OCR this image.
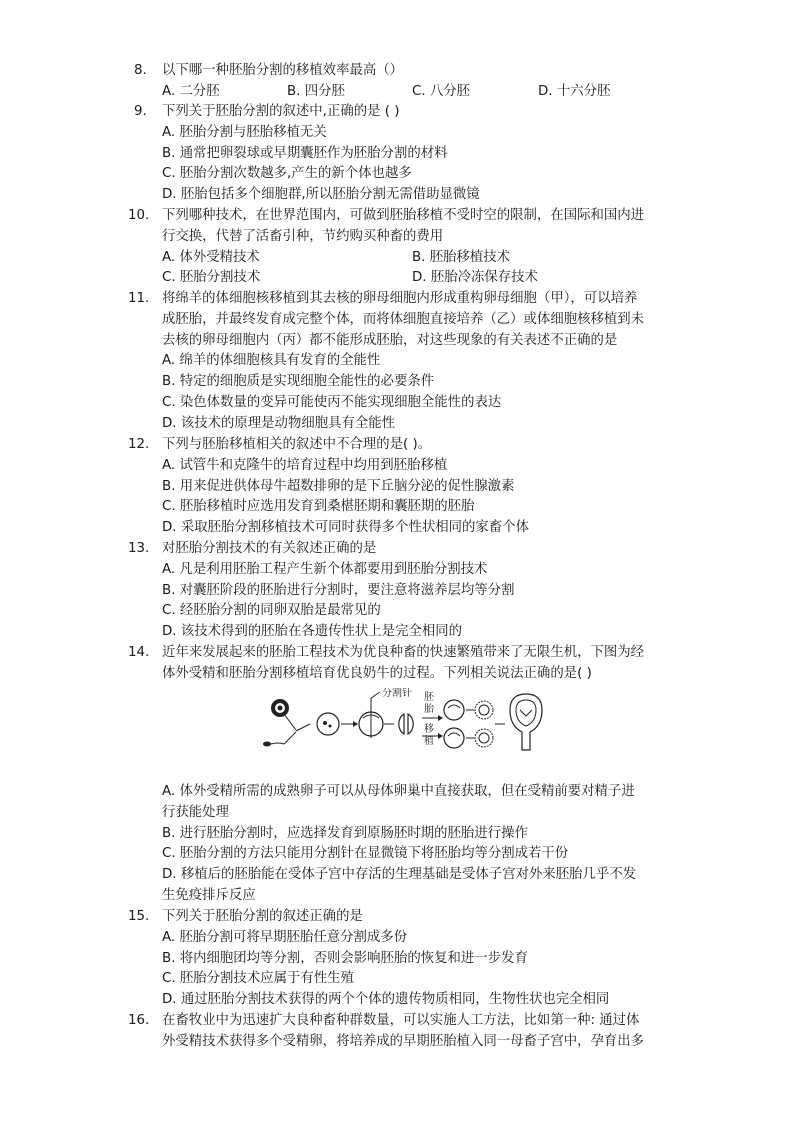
8. 以下哪一种胚胎分割的移植效率最高（）
A. 二分胚	B. 四分胚	C. 八分胚	D. 十六分胚
9. 下列关于胚胎分割的叙述中,正确的是 ( )
A. 胚胎分割与胚胎移植无关
B. 通常把卵裂球或早期囊胚作为胚胎分割的材料
C. 胚胎分割次数越多,产生的新个体也越多
D. 胚胎包括多个细胞群,所以胚胎分割无需借助显微镜
10. 下列哪种技术，在世界范围内，可做到胚胎移植不受时空的限制，在国际和国内进
行交换，代替了活畜引种，节约购买种畜的费用
A. 体外受精技术	B. 胚胎移植技术
C. 胚胎分割技术	D. 胚胎冷冻保存技术
11. 将绵羊的体细胞核移植到其去核的卵母细胞内形成重构卵母细胞（甲），可以培养
成胚胎，并最终发育成完整个体，而将体细胞直接培养（乙）或体细胞核移植到未
去核的卵母细胞内（丙）都不能形成胚胎，对这些现象的有关表述不正确的是
A. 绵羊的体细胞核具有发育的全能性
B. 特定的细胞质是实现细胞全能性的必要条件
C. 染色体数量的变异可能使丙不能实现细胞全能性的表达
D. 该技术的原理是动物细胞具有全能性
12. 下列与胚胎移植相关的叙述中不合理的是( )。
A. 试管牛和克隆牛的培育过程中均用到胚胎移植
B. 用来促进供体母牛超数排卵的是下丘脑分泌的促性腺激素
C. 胚胎移植时应选用发育到桑椹胚期和囊胚期的胚胎
D. 采取胚胎分割移植技术可同时获得多个性状相同的家畜个体
13. 对胚胎分割技术的有关叙述正确的是
A. 凡是利用胚胎工程产生新个体都要用到胚胎分割技术
B. 对囊胚阶段的胚胎进行分割时，要注意将滋养层均等分割
C. 经胚胎分割的同卵双胎是最常见的
D. 该技术得到的胚胎在各遗传性状上是完全相同的
14. 近年来发展起来的胚胎工程技术为优良种畜的快速繁殖带来了无限生机，下图为经
体外受精和胚胎分割移植培育优良奶牛的过程。下列相关说法正确的是( )
分割针 胚
胎
移
植
A. 体外受精所需的成熟卵子可以从母体卵巢中直接获取，但在受精前要对精子进
行获能处理
B. 进行胚胎分割时，应选择发育到原肠胚时期的胚胎进行操作
C. 胚胎分割的方法只能用分割针在显微镜下将胚胎均等分割成若干份
D. 移植后的胚胎能在受体子宫中存活的生理基础是受体子宫对外来胚胎几乎不发
生免疫排斥反应
15. 下列关于胚胎分割的叙述正确的是
A. 胚胎分割可将早期胚胎任意分割成多份
B. 将内细胞团均等分割，否则会影响胚胎的恢复和进一步发育
C. 胚胎分割技术应属于有性生殖
D. 通过胚胎分割技术获得的两个个体的遗传物质相同，生物性状也完全相同
16. 在畜牧业中为迅速扩大良种畜种群数量，可以实施人工方法，比如第一种: 通过体
外受精技术获得多个受精卵，将培养成的早期胚胎植入同一母畜子宫中，孕育出多
